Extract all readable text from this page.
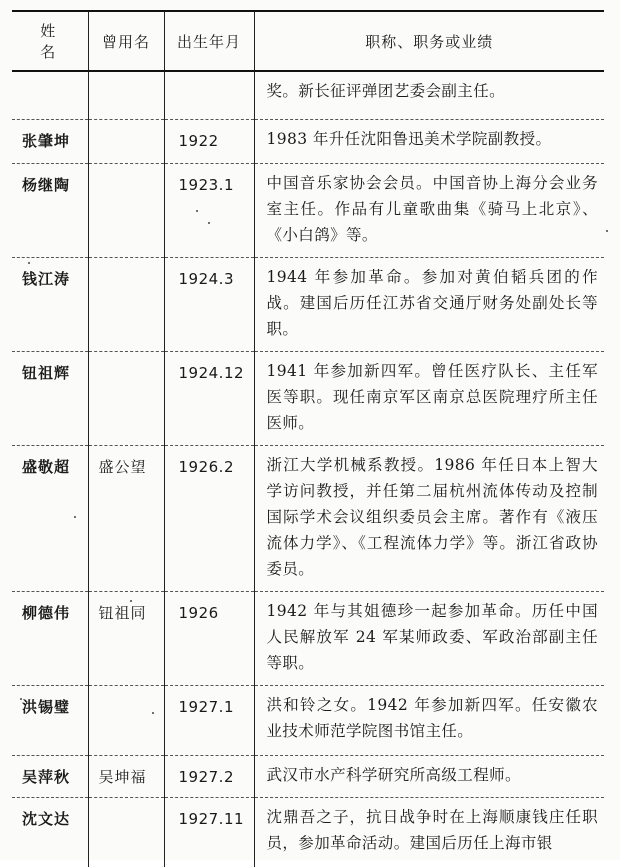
姓 名	曾用名	出生年月	职称、职务或业绩

			奖。新长征评弹团艺委会副主任。

张肇坤		1922	1983 年升任沈阳鲁迅美术学院副教授。

杨继陶		1923.1	中国音乐家协会会员。中国音协上海分会业务室主任。作品有儿童歌曲集《骑马上北京》、《小白鸽》等。

钱江涛		1924.3	1944 年参加革命。参加对黄伯韬兵团的作战。建国后历任江苏省交通厅财务处副处长等职。

钮祖辉		1924.12	1941 年参加新四军。曾任医疗队长、主任军医等职。现任南京军区南京总医院理疗所主任医师。

盛敬超	盛公望	1926.2	浙江大学机械系教授。1986 年任日本上智大学访问教授，并任第二届杭州流体传动及控制国际学术会议组织委员会主席。著作有《液压流体力学》、《工程流体力学》等。浙江省政协委员。

柳德伟	钮祖同	1926	1942 年与其姐德珍一起参加革命。历任中国人民解放军 24 军某师政委、军政治部副主任等职。

洪锡璧		1927.1	洪和铃之女。1942 年参加新四军。任安徽农业技术师范学院图书馆主任。

吴萍秋	吴坤福	1927.2	武汉市水产科学研究所高级工程师。

沈文达		1927.11	沈鼎吾之子，抗日战争时在上海顺康钱庄任职员，参加革命活动。建国后历任上海市银
